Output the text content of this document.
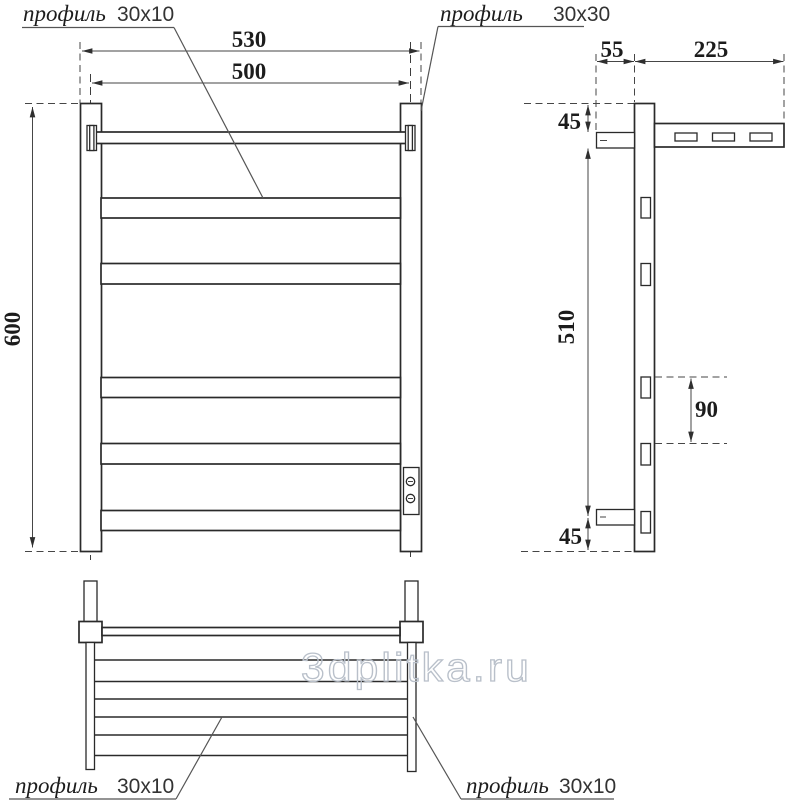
530
500
600
55	225
45
510
45
90
профиль 30x10	профиль 30x30
профиль 30x10	профиль 30x10
3dplitka.ru
